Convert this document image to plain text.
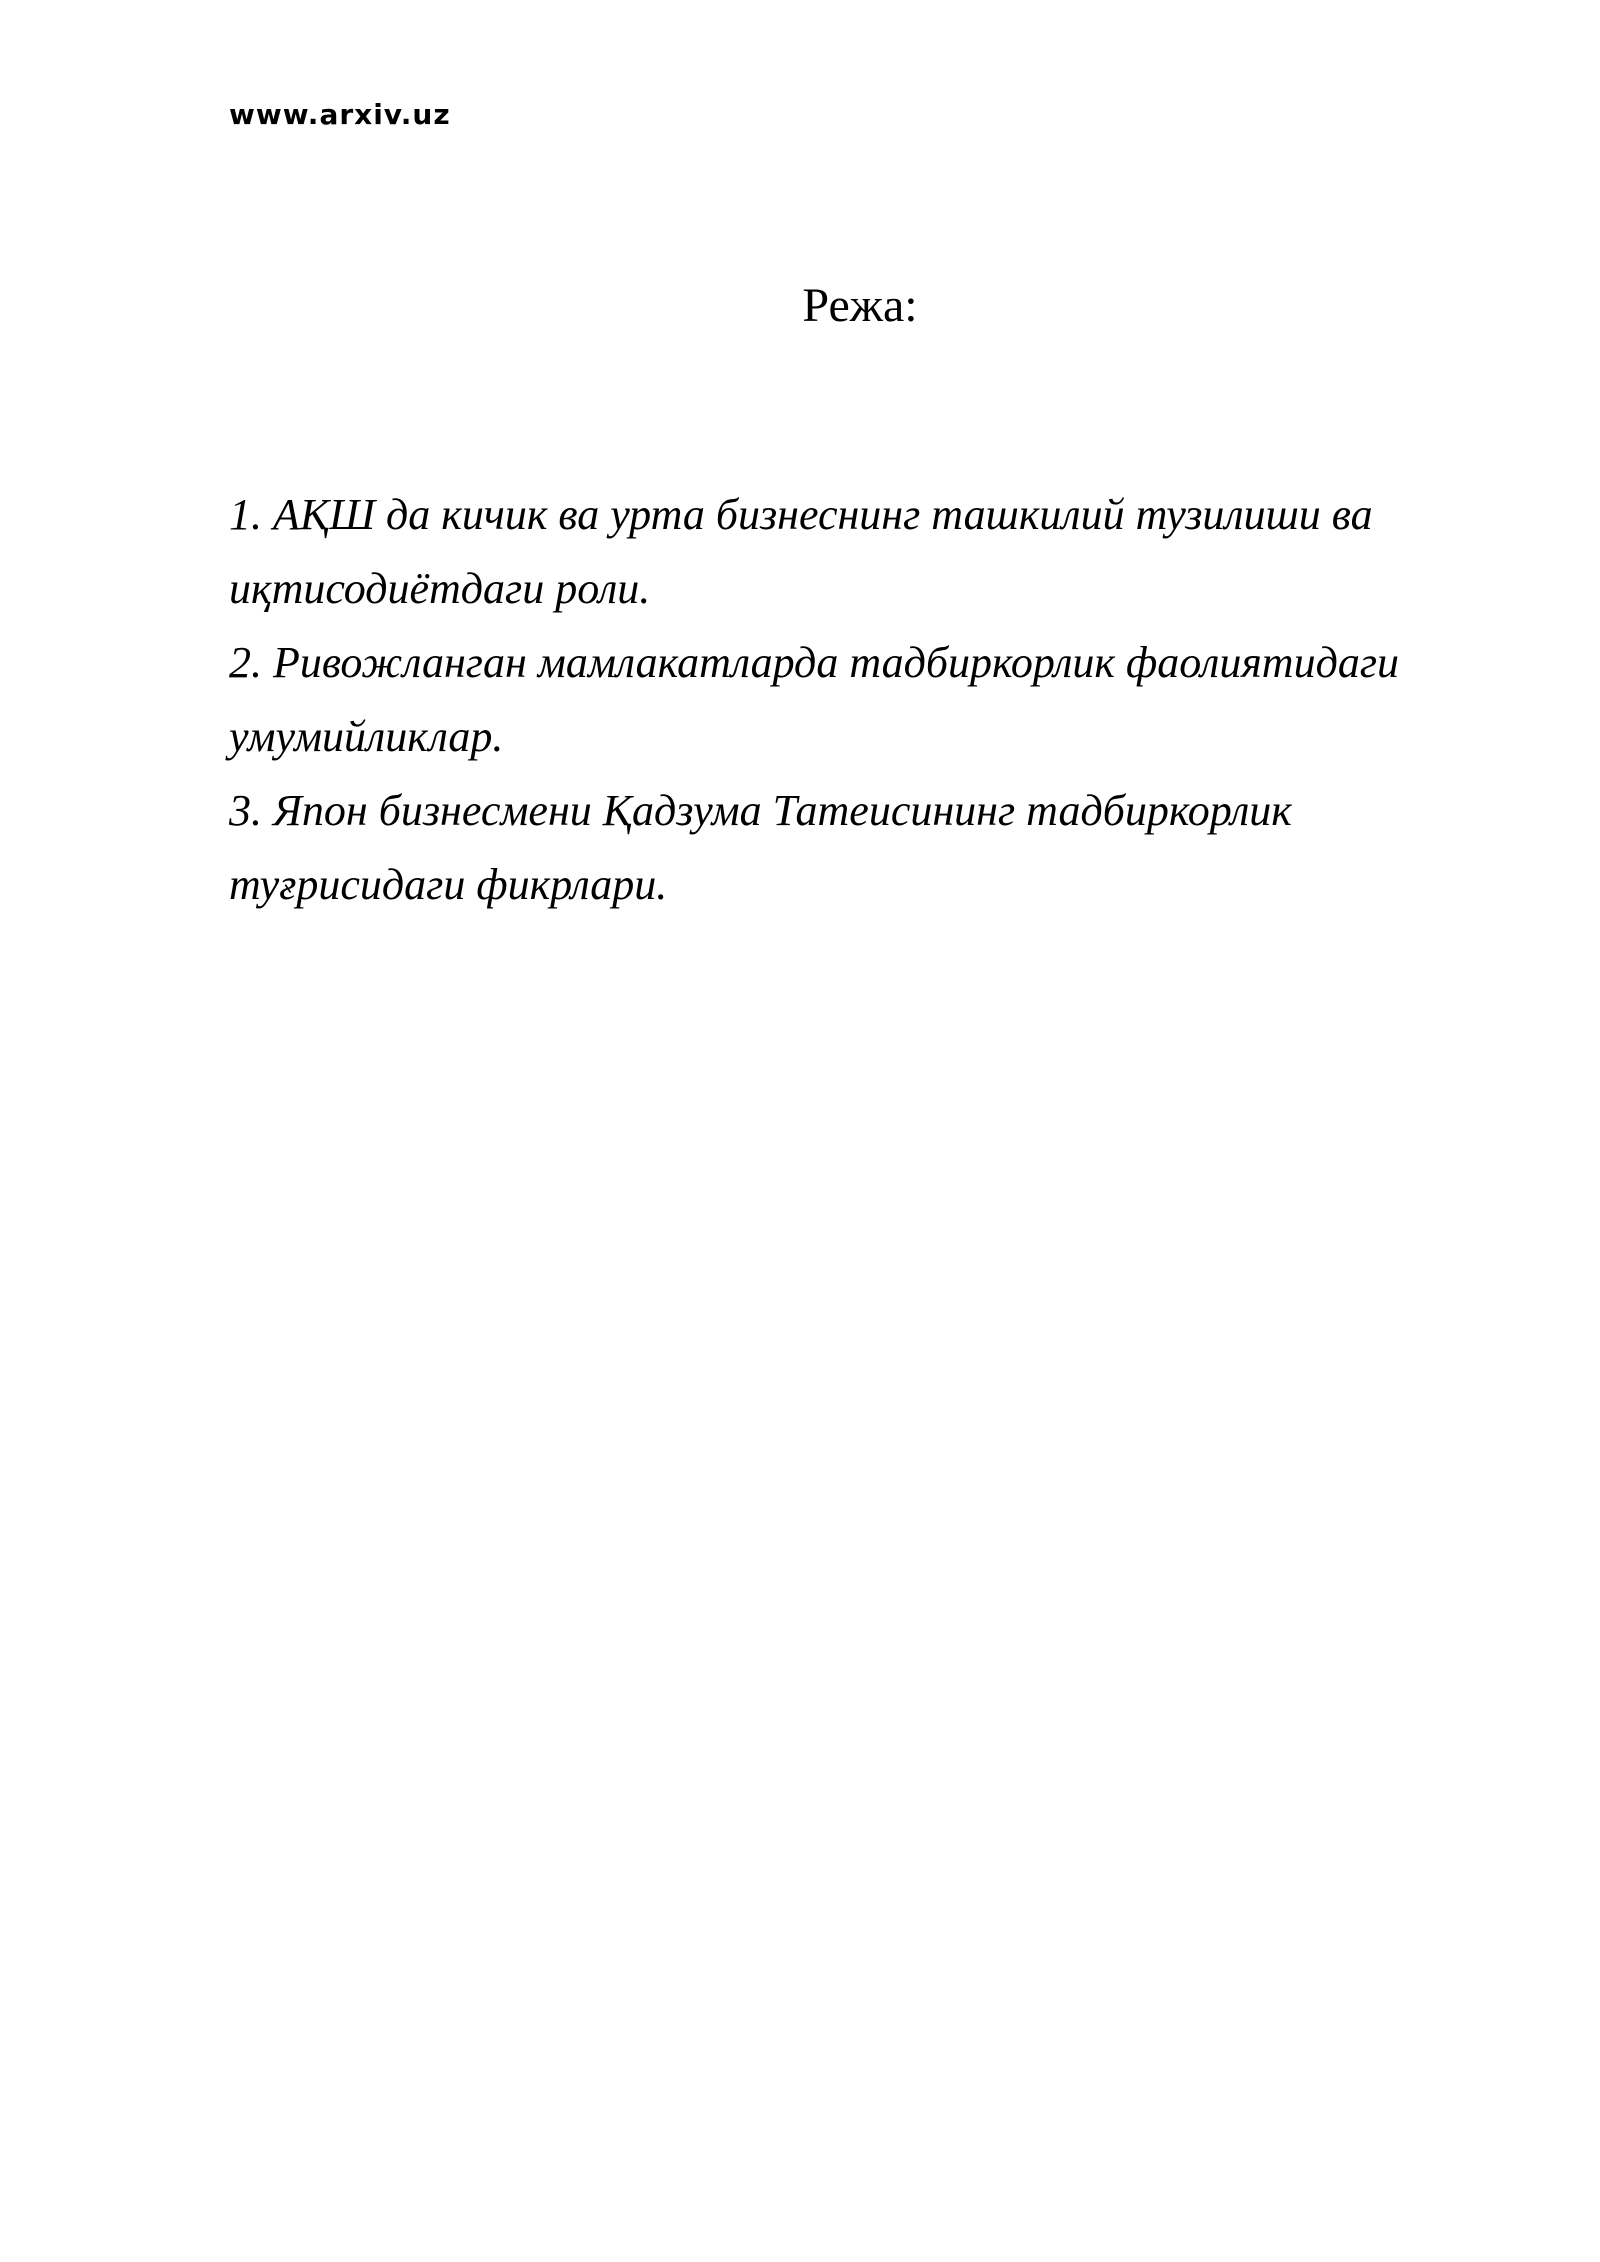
www.arxiv.uz
Режа:
1. АҚШ да кичик ва урта бизнеснинг ташкилий тузилиши ва иқтисодиётдаги роли.
2. Ривожланган мамлакатларда тадбиркорлик фаолиятидаги умумийликлар.
3. Япон бизнесмени Қадзума Татеисининг тадбиркорлик туғрисидаги фикрлари.
